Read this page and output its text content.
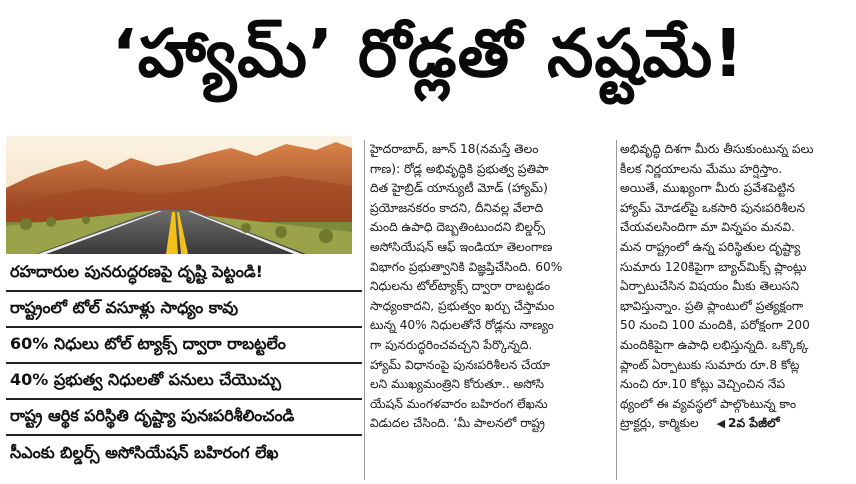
‘హ్యామ్’ రోడ్లతో నష్టమే!
రహదారుల పునరుద్ధరణపై దృష్టి పెట్టండి!
రాష్ట్రంలో టోల్ వసూళ్లు సాధ్యం కావు
60% నిధులు టోల్ ట్యాక్స్ ద్వారా రాబట్టలేం
40% ప్రభుత్వ నిధులతో పనులు చేయొచ్చు
రాష్ట్ర ఆర్థిక పరిస్థితి దృష్ట్యా పునఃపరిశీలించండి
సీఎంకు బిల్డర్స్ అసోసియేషన్ బహిరంగ లేఖ
హైదరాబాద్, జూన్ 18(నమస్తే తెలం
గాణ): రోడ్ల అభివృద్ధికి ప్రభుత్వ ప్రతిపా
దిత హైబ్రిడ్ యాన్యుటీ మోడ్ (హ్యామ్)
ప్రయోజనకరం కాదని, దీనివల్ల వేలాది
మంది ఉపాధి దెబ్బతింటుందని బిల్డర్స్
అసోసియేషన్ ఆఫ్ ఇండియా తెలంగాణ
విభాగం ప్రభుత్వానికి విజ్ఞప్తిచేసింది. 60%
నిధులను టోల్‌ట్యాక్స్ ద్వారా రాబట్టడం
సాధ్యంకాదని, ప్రభుత్వం ఖర్చు చేస్తామం
టున్న 40% నిధులతోనే రోడ్లను నాణ్యం
గా పునరుద్ధరించవచ్చని పేర్కొన్నది.
హ్యామ్ విధానంపై పునఃపరిశీలన చేయా
లని ముఖ్యమంత్రిని కోరుతూ.. అసోసి
యేషన్ మంగళవారం బహిరంగ లేఖను
విడుదల చేసింది. ‘మీ పాలనలో రాష్ట్ర
అభివృద్ధి దిశగా మీరు తీసుకుంటున్న పలు
కీలక నిర్ణయాలను మేము హర్షిస్తాం.
అయితే, ముఖ్యంగా మీరు ప్రవేశపెట్టిన
హ్యామ్ మోడల్‌పై ఒకసారి పునఃపరిశీలన
చేయవలసిందిగా మా విన్నపం మనవి.
మన రాష్ట్రంలో ఉన్న పరిస్థితుల దృష్ట్యా
సుమారు 120కిపైగా బ్యాచ్‌మిక్స్ ప్లాంట్లు
ఏర్పాటుచేసిన విషయం మీకు తెలుసని
భావిస్తున్నాం. ప్రతి ప్లాంటులో ప్రత్యక్షంగా
50 నుంచి 100 మందికి, పరోక్షంగా 200
మందికిపైగా ఉపాధి లభిస్తున్నది. ఒక్కొక్క
ప్లాంట్ ఏర్పాటుకు సుమారు రూ.8 కోట్ల
నుంచి రూ.10 కోట్లు వెచ్చించిన నేప
థ్యంలో ఈ వ్యవస్థలో పాల్గొంటున్న కాం
ట్రాక్టర్లు, కార్మికుల ◀ 2వ పేజీలో
